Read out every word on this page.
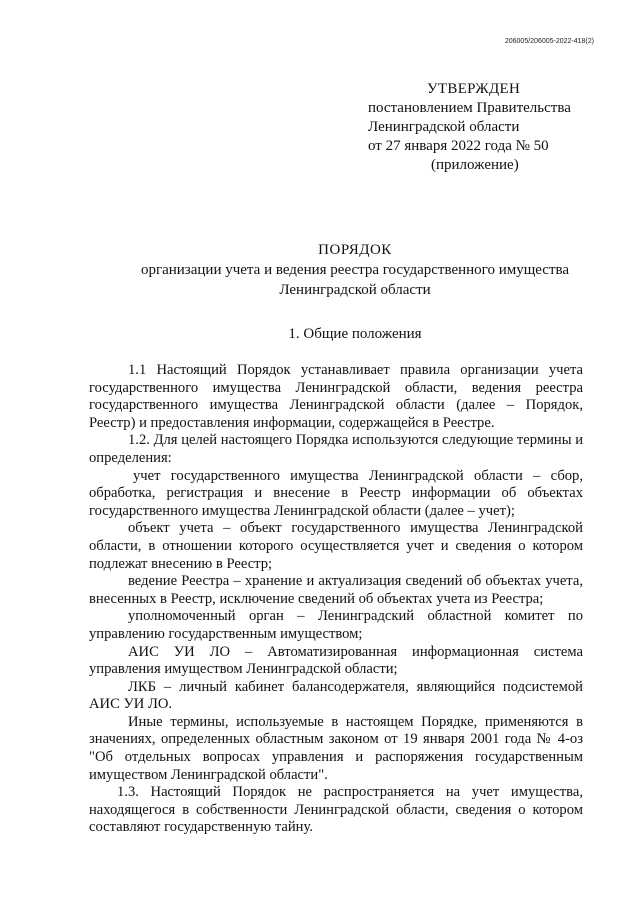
206005/206005-2022-418(2)
УТВЕРЖДЕН
постановлением Правительства
Ленинградской области
от 27 января 2022 года № 50
(приложение)
ПОРЯДОК
организации учета и ведения реестра государственного имущества
Ленинградской области
1. Общие положения

1.1 Настоящий Порядок устанавливает правила организации учета государственного имущества Ленинградской области, ведения реестра государственного имущества Ленинградской области (далее – Порядок, Реестр) и предоставления информации, содержащейся в Реестре.

1.2. Для целей настоящего Порядка используются следующие термины и определения:

учет государственного имущества Ленинградской области – сбор, обработка, регистрация и внесение в Реестр информации об объектах государственного имущества Ленинградской области (далее – учет);

объект учета – объект государственного имущества Ленинградской области, в отношении которого осуществляется учет и сведения о котором подлежат внесению в Реестр;

ведение Реестра – хранение и актуализация сведений об объектах учета, внесенных в Реестр, исключение сведений об объектах учета из Реестра;

уполномоченный орган – Ленинградский областной комитет по управлению государственным имуществом;

АИС УИ ЛО – Автоматизированная информационная система управления имуществом Ленинградской области;

ЛКБ – личный кабинет балансодержателя, являющийся подсистемой АИС УИ ЛО.

Иные термины, используемые в настоящем Порядке, применяются в значениях, определенных областным законом от 19 января 2001 года № 4-оз "Об отдельных вопросах управления и распоряжения государственным имуществом Ленинградской области".

1.3. Настоящий Порядок не распространяется на учет имущества, находящегося в собственности Ленинградской области, сведения о котором составляют государственную тайну.
